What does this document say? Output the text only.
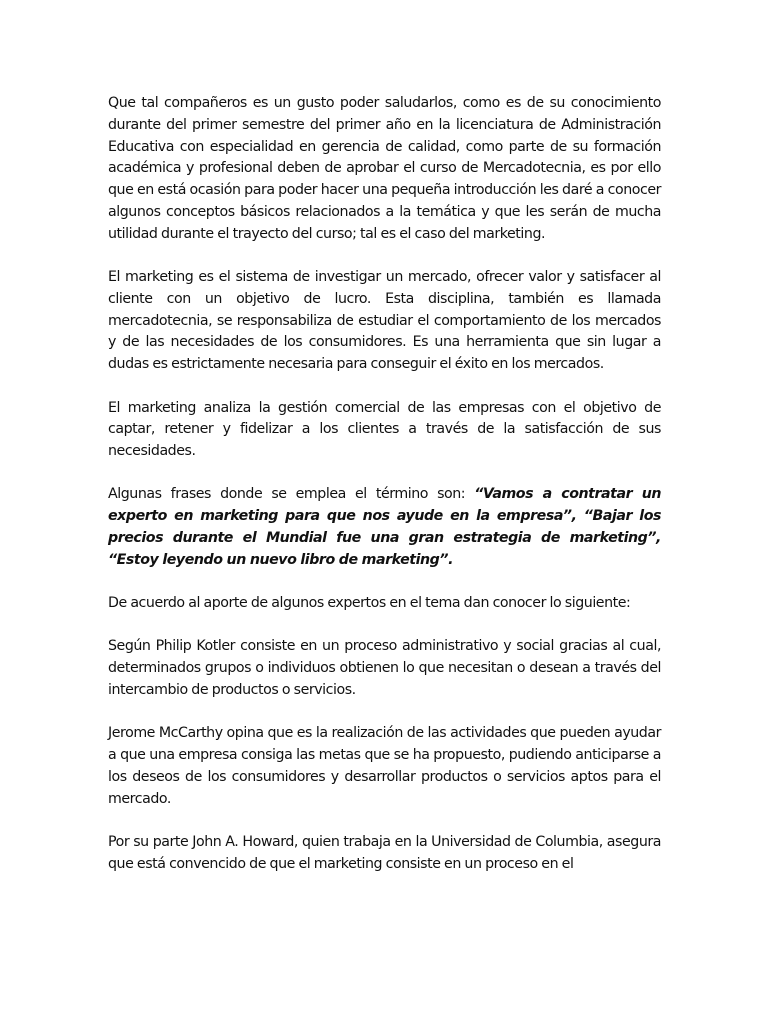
Que tal compañeros es un gusto poder saludarlos, como es de su conocimiento durante del primer semestre del primer año en la licenciatura de Administración Educativa con especialidad en gerencia de calidad, como parte de su formación académica y profesional deben de aprobar el curso de Mercadotecnia, es por ello que en está ocasión para poder hacer una pequeña introducción les daré a conocer algunos conceptos básicos relacionados a la temática y que les serán de mucha utilidad durante el trayecto del curso; tal es el caso del marketing.

El marketing es el sistema de investigar un mercado, ofrecer valor y satisfacer al cliente con un objetivo de lucro. Esta disciplina, también es llamada mercadotecnia, se responsabiliza de estudiar el comportamiento de los mercados y de las necesidades de los consumidores. Es una herramienta que sin lugar a dudas es estrictamente necesaria para conseguir el éxito en los mercados.

El marketing analiza la gestión comercial de las empresas con el objetivo de captar, retener y fidelizar a los clientes a través de la satisfacción de sus necesidades.

Algunas frases donde se emplea el término son: “Vamos a contratar un experto en marketing para que nos ayude en la empresa”, “Bajar los precios durante el Mundial fue una gran estrategia de marketing”, “Estoy leyendo un nuevo libro de marketing”.

De acuerdo al aporte de algunos expertos en el tema dan conocer lo siguiente:

Según Philip Kotler consiste en un proceso administrativo y social gracias al cual, determinados grupos o individuos obtienen lo que necesitan o desean a través del intercambio de productos o servicios.

Jerome McCarthy opina que es la realización de las actividades que pueden ayudar a que una empresa consiga las metas que se ha propuesto, pudiendo anticiparse a los deseos de los consumidores y desarrollar productos o servicios aptos para el mercado.

Por su parte John A. Howard, quien trabaja en la Universidad de Columbia, asegura que está convencido de que el marketing consiste en un proceso en el
